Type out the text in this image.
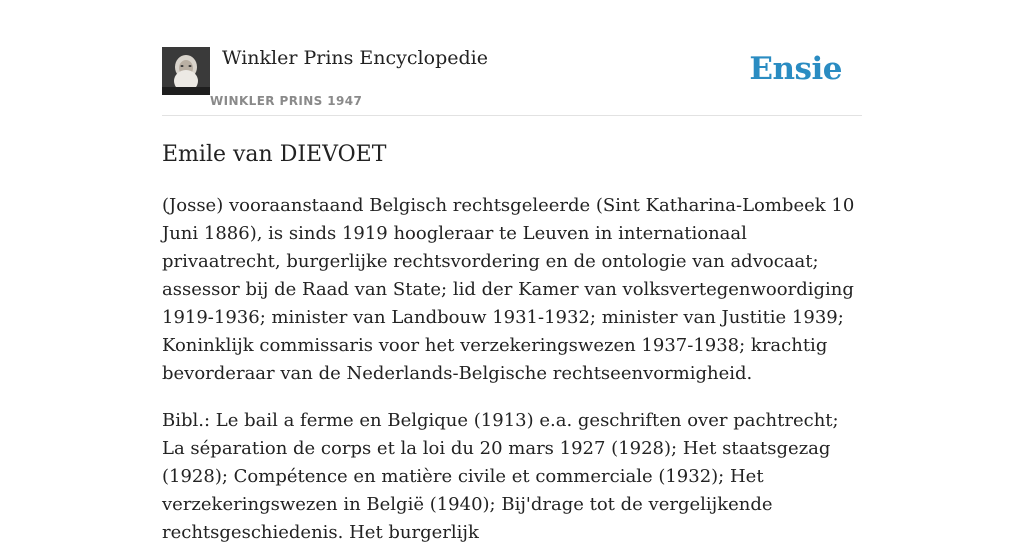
Winkler Prins Encyclopedie
WINKLER PRINS 1947
Ensie
Emile van DIEVOET

(Josse) vooraanstaand Belgisch rechtsgeleerde (Sint Katharina-Lombeek 10 Juni 1886), is sinds 1919 hoogleraar te Leuven in internationaal privaatrecht, burgerlijke rechtsvordering en de ontologie van advocaat; assessor bij de Raad van State; lid der Kamer van volksvertegenwoordiging 1919-1936; minister van Landbouw 1931-1932; minister van Justitie 1939; Koninklijk commissaris voor het verzekeringswezen 1937-1938; krachtig bevorderaar van de Nederlands-Belgische rechtseenvormigheid.

Bibl.: Le bail a ferme en Belgique (1913) e.a. geschriften over pachtrecht; La séparation de corps et la loi du 20 mars 1927 (1928); Het staatsgezag (1928); Compétence en matière civile et commerciale (1932); Het verzekeringswezen in België (1940); Bij'drage tot de vergelijkende rechtsgeschiedenis. Het burgerlijk
